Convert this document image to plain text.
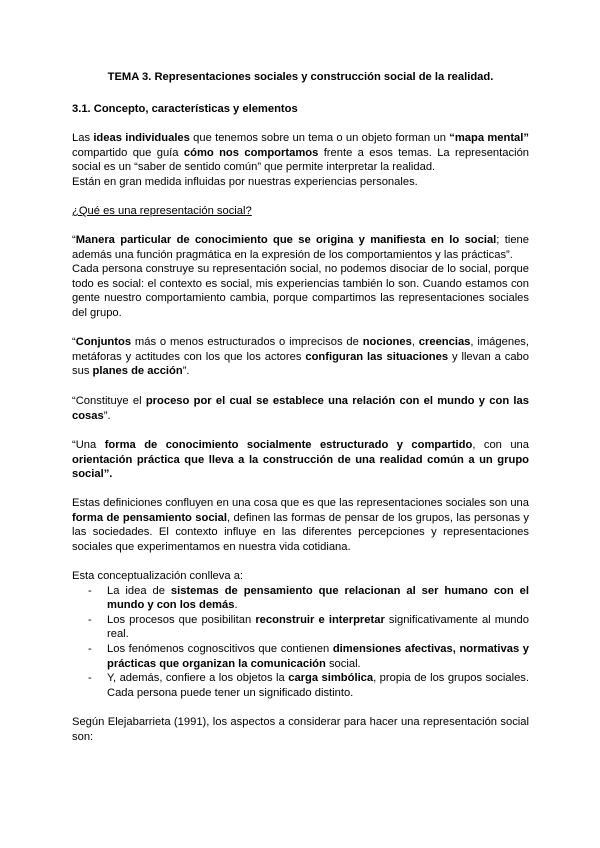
TEMA 3. Representaciones sociales y construcción social de la realidad.

3.1. Concepto, características y elementos

Las ideas individuales que tenemos sobre un tema o un objeto forman un “mapa mental” compartido que guía cómo nos comportamos frente a esos temas. La representación social es un “saber de sentido común” que permite interpretar la realidad.

Están en gran medida influidas por nuestras experiencias personales.

¿Qué es una representación social?

“Manera particular de conocimiento que se origina y manifiesta en lo social; tiene además una función pragmática en la expresión de los comportamientos y las prácticas”.

Cada persona construye su representación social, no podemos disociar de lo social, porque todo es social: el contexto es social, mis experiencias también lo son. Cuando estamos con gente nuestro comportamiento cambia, porque compartimos las representaciones sociales del grupo.

“Conjuntos más o menos estructurados o imprecisos de nociones, creencias, imágenes, metáforas y actitudes con los que los actores configuran las situaciones y llevan a cabo sus planes de acción”.

“Constituye el proceso por el cual se establece una relación con el mundo y con las cosas”.

“Una forma de conocimiento socialmente estructurado y compartido, con una orientación práctica que lleva a la construcción de una realidad común a un grupo social”.

Estas definiciones confluyen en una cosa que es que las representaciones sociales son una forma de pensamiento social, definen las formas de pensar de los grupos, las personas y las sociedades. El contexto influye en las diferentes percepciones y representaciones sociales que experimentamos en nuestra vida cotidiana.

Esta conceptualización conlleva a:

- La idea de sistemas de pensamiento que relacionan al ser humano con el mundo y con los demás.
- Los procesos que posibilitan reconstruir e interpretar significativamente al mundo real.
- Los fenómenos cognoscitivos que contienen dimensiones afectivas, normativas y prácticas que organizan la comunicación social.
- Y, además, confiere a los objetos la carga simbólica, propia de los grupos sociales. Cada persona puede tener un significado distinto.

Según Elejabarrieta (1991), los aspectos a considerar para hacer una representación social son:
